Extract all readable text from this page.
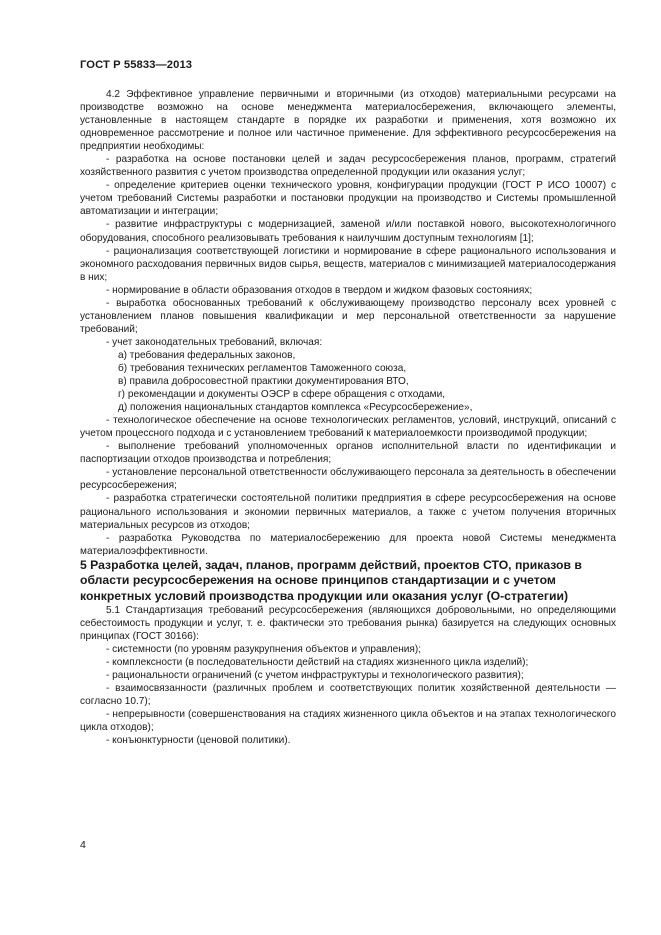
ГОСТ Р 55833—2013

4.2 Эффективное управление первичными и вторичными (из отходов) материальными ресурсами на производстве возможно на основе менеджмента материалосбережения, включающего элементы, установленные в настоящем стандарте в порядке их разработки и применения, хотя возможно их одновременное рассмотрение и полное или частичное применение. Для эффективного ресурсосбережения на предприятии необходимы:

- разработка на основе постановки целей и задач ресурсосбережения планов, программ, стратегий хозяйственного развития с учетом производства определенной продукции или оказания услуг;

- определение критериев оценки технического уровня, конфигурации продукции (ГОСТ Р ИСО 10007) с учетом требований Системы разработки и постановки продукции на производство и Системы промышленной автоматизации и интеграции;

- развитие инфраструктуры с модернизацией, заменой и/или поставкой нового, высокотехнологичного оборудования, способного реализовывать требования к наилучшим доступным технологиям [1];

- рационализация соответствующей логистики и нормирование в сфере рационального использования и экономного расходования первичных видов сырья, веществ, материалов с минимизацией материалосодержания в них;

- нормирование в области образования отходов в твердом и жидком фазовых состояниях;

- выработка обоснованных требований к обслуживающему производство персоналу всех уровней с установлением планов повышения квалификации и мер персональной ответственности за нарушение требований;

- учет законодательных требований, включая:

а) требования федеральных законов,

б) требования технических регламентов Таможенного союза,

в) правила добросовестной практики документирования ВТО,

г) рекомендации и документы ОЭСР в сфере обращения с отходами,

д) положения национальных стандартов комплекса «Ресурсосбережение»,

- технологическое обеспечение на основе технологических регламентов, условий, инструкций, описаний с учетом процессного подхода и с установлением требований к материалоемкости производимой продукции;

- выполнение требований уполномоченных органов исполнительной власти по идентификации и паспортизации отходов производства и потребления;

- установление персональной ответственности обслуживающего персонала за деятельность в обеспечении ресурсосбережения;

- разработка стратегически состоятельной политики предприятия в сфере ресурсосбережения на основе рационального использования и экономии первичных материалов, а также с учетом получения вторичных материальных ресурсов из отходов;

- разработка Руководства по материалосбережению для проекта новой Системы менеджмента материалоэффективности.

5 Разработка целей, задач, планов, программ действий, проектов СТО, приказов в области ресурсосбережения на основе принципов стандартизации и с учетом конкретных условий производства продукции или оказания услуг (О-стратегии)

5.1 Стандартизация требований ресурсосбережения (являющихся добровольными, но определяющими себестоимость продукции и услуг, т. е. фактически это требования рынка) базируется на следующих основных принципах (ГОСТ 30166):

- системности (по уровням разукрупнения объектов и управления);

- комплексности (в последовательности действий на стадиях жизненного цикла изделий);

- рациональности ограничений (с учетом инфраструктуры и технологического развития);

- взаимосвязанности (различных проблем и соответствующих политик хозяйственной деятельности — согласно 10.7);

- непрерывности (совершенствования на стадиях жизненного цикла объектов и на этапах технологического цикла отходов);

- конъюнктурности (ценовой политики).

4
